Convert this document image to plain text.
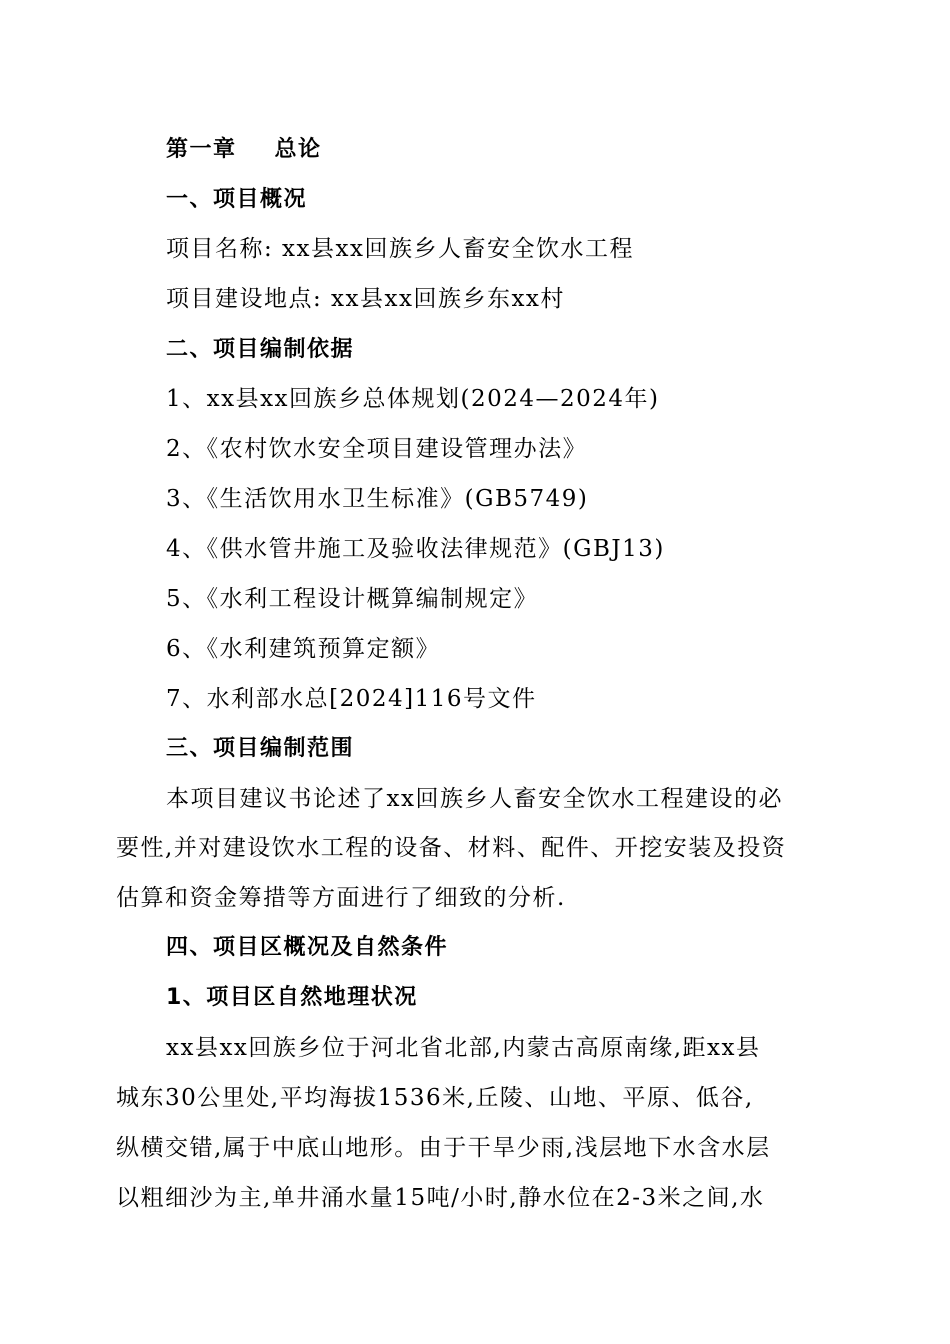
第一章 总论
一、项目概况
项目名称: xx县xx回族乡人畜安全饮水工程
项目建设地点: xx县xx回族乡东xx村
二、项目编制依据
1、xx县xx回族乡总体规划(2024—2024年)
2、《农村饮水安全项目建设管理办法》
3、《生活饮用水卫生标准》(GB5749)
4、《供水管井施工及验收法律规范》(GBJ13)
5、《水利工程设计概算编制规定》
6、《水利建筑预算定额》
7、水利部水总[2024]116号文件
三、项目编制范围
本项目建议书论述了xx回族乡人畜安全饮水工程建设的必
要性,并对建设饮水工程的设备、材料、配件、开挖安装及投资
估算和资金筹措等方面进行了细致的分析.
四、项目区概况及自然条件
1、项目区自然地理状况
xx县xx回族乡位于河北省北部,内蒙古高原南缘,距xx县
城东30公里处,平均海拔1536米,丘陵、山地、平原、低谷,
纵横交错,属于中底山地形。由于干旱少雨,浅层地下水含水层
以粗细沙为主,单井涌水量15吨/小时,静水位在2-3米之间,水
